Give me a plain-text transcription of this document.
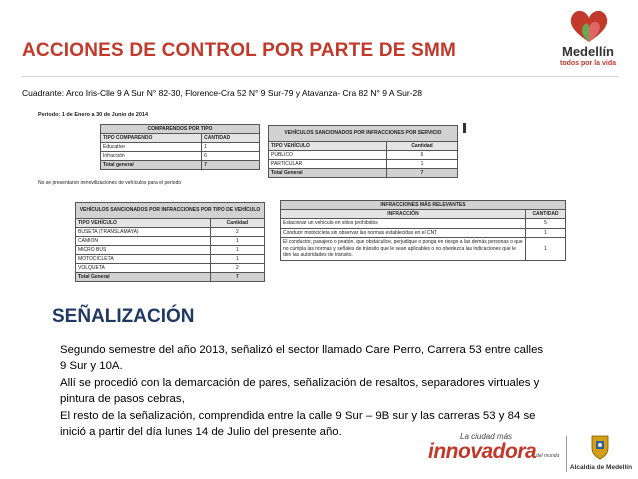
ACCIONES DE CONTROL POR PARTE DE SMM	Medellín
todos por la vida
Cuadrante: Arco Iris-Clle 9 A Sur N° 82-30, Florence-Cra 52 N° 9 Sur-79 y Atavanza- Cra 82 N° 9 A Sur-28
Periodo: 1 de Enero a 30 de Junio de 2014
COMPARENDOS POR TIPO	
TIPO COMPARENDO	CANTIDAD
Educativo	1
Infracción	6
Total general	7
VEHÍCULOS SANCIONADOS POR INFRACCIONES POR SERVICIO	
TIPO VEHÍCULO	Cantidad
PUBLICO	6
PARTICULAR	1
Total General	7
No se presentaron inmovilizaciones de vehículos para el periodo
VEHÍCULOS SANCIONADOS POR INFRACCIONES POR TIPO DE VEHÍCULO	
TIPO VEHÍCULO	Cantidad
BUSETA (TRANSLAMAYA)	2
CAMION	1
MICRO BUS	1
MOTOCICLETA	1
VOLQUETA	2
Total General	7
INFRACCIONES MÁS RELEVANTES	
INFRACCIÓN	CANTIDAD
Estacionar un vehículo en sitios prohibidos	5
Conducir motocicleta sin observar las normas establecidas en el CNT	1
El conductor, pasajero o peatón, que obstaculice, perjudique o ponga en riesgo a las demás personas o que no cumpla las normas y señales de tránsito que le sean aplicables o no obedezca las indicaciones que le den las autoridades de tránsito.	1
SEÑALIZACIÓN

Segundo semestre del año 2013, señalizó el sector llamado Care Perro, Carrera 53 entre calles 9 Sur y 10A.

Allí se procedió con la demarcación de pares, señalización de resaltos, separadores virtuales y pintura de pasos cebras,

El resto de la señalización, comprendida entre la calle 9 Sur – 9B sur y las carreras 53 y 84 se inició a partir del día lunes 14 de Julio del presente año.	La ciudad más
innovadora del mundo
Alcaldía de Medellín
